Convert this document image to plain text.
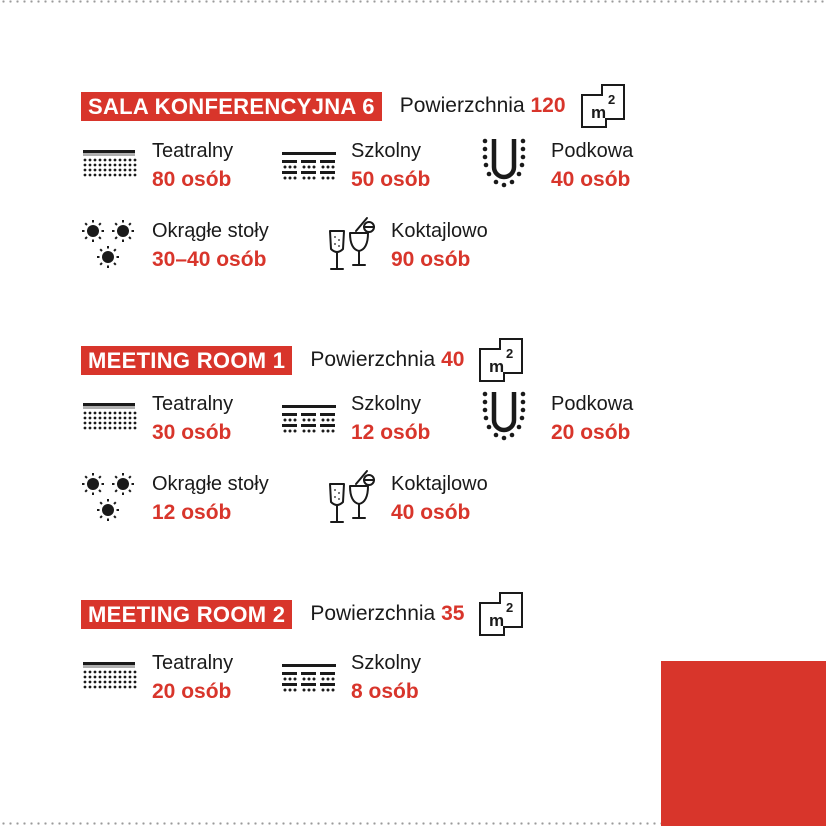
SALA KONFERENCYJNA 6	Powierzchnia 120
Teatralny
80 osób
Szkolny
50 osób
Podkowa
40 osób
Okrągłe stoły
30–40 osób
Koktajlowo
90 osób
MEETING ROOM 1	Powierzchnia 40
Teatralny
30 osób
Szkolny
12 osób
Podkowa
20 osób
Okrągłe stoły
12 osób
Koktajlowo
40 osób
MEETING ROOM 2	Powierzchnia 35
Teatralny
20 osób
Szkolny
8 osób
